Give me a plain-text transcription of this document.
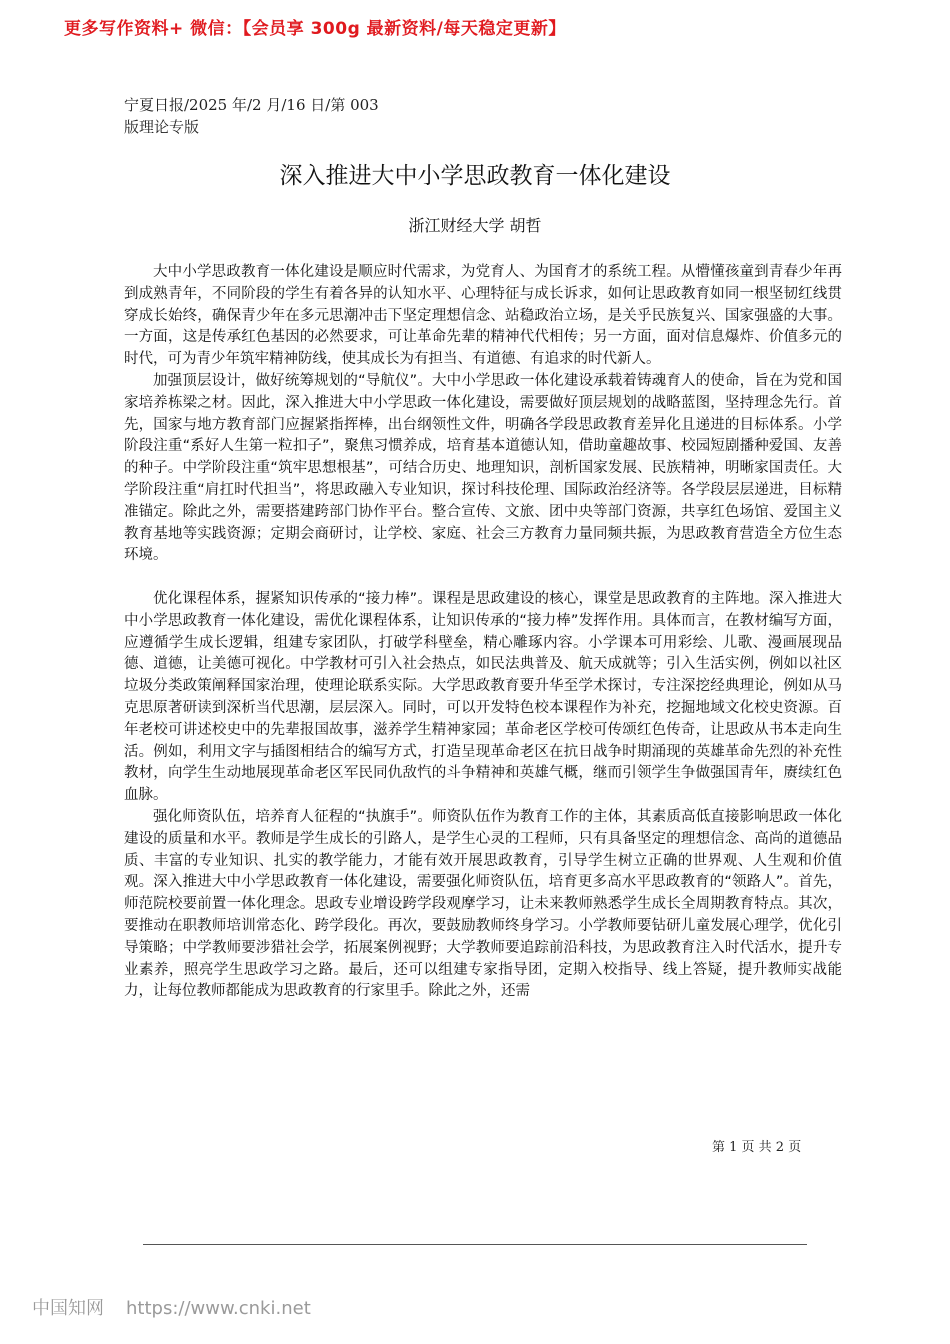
更多写作资料+ 微信：【会员享 300g 最新资料/每天稳定更新】
宁夏日报/2025 年/2 月/16 日/第 003 版理论专版
深入推进大中小学思政教育一体化建设
浙江财经大学 胡哲

大中小学思政教育一体化建设是顺应时代需求，为党育人、为国育才的系统工程。从懵懂孩童到青春少年再到成熟青年，不同阶段的学生有着各异的认知水平、心理特征与成长诉求，如何让思政教育如同一根坚韧红线贯穿成长始终，确保青少年在多元思潮冲击下坚定理想信念、站稳政治立场，是关乎民族复兴、国家强盛的大事。一方面，这是传承红色基因的必然要求，可让革命先辈的精神代代相传；另一方面，面对信息爆炸、价值多元的时代，可为青少年筑牢精神防线，使其成长为有担当、有道德、有追求的时代新人。

加强顶层设计，做好统筹规划的“导航仪”。大中小学思政一体化建设承载着铸魂育人的使命，旨在为党和国家培养栋梁之材。因此，深入推进大中小学思政一体化建设，需要做好顶层规划的战略蓝图，坚持理念先行。首先，国家与地方教育部门应握紧指挥棒，出台纲领性文件，明确各学段思政教育差异化且递进的目标体系。小学阶段注重“系好人生第一粒扣子”，聚焦习惯养成，培育基本道德认知，借助童趣故事、校园短剧播种爱国、友善的种子。中学阶段注重“筑牢思想根基”，可结合历史、地理知识，剖析国家发展、民族精神，明晰家国责任。大学阶段注重“肩扛时代担当”，将思政融入专业知识，探讨科技伦理、国际政治经济等。各学段层层递进，目标精准锚定。除此之外，需要搭建跨部门协作平台。整合宣传、文旅、团中央等部门资源，共享红色场馆、爱国主义教育基地等实践资源；定期会商研讨，让学校、家庭、社会三方教育力量同频共振，为思政教育营造全方位生态环境。

优化课程体系，握紧知识传承的“接力棒”。课程是思政建设的核心，课堂是思政教育的主阵地。深入推进大中小学思政教育一体化建设，需优化课程体系，让知识传承的“接力棒”发挥作用。具体而言，在教材编写方面，应遵循学生成长逻辑，组建专家团队，打破学科壁垒，精心雕琢内容。小学课本可用彩绘、儿歌、漫画展现品德、道德，让美德可视化。中学教材可引入社会热点，如民法典普及、航天成就等；引入生活实例，例如以社区垃圾分类政策阐释国家治理，使理论联系实际。大学思政教育要升华至学术探讨，专注深挖经典理论，例如从马克思原著研读到深析当代思潮，层层深入。同时，可以开发特色校本课程作为补充，挖掘地域文化校史资源。百年老校可讲述校史中的先辈报国故事，滋养学生精神家园；革命老区学校可传颂红色传奇，让思政从书本走向生活。例如，利用文字与插图相结合的编写方式，打造呈现革命老区在抗日战争时期涌现的英雄革命先烈的补充性教材，向学生生动地展现革命老区军民同仇敌忾的斗争精神和英雄气概，继而引领学生争做强国青年，赓续红色血脉。

强化师资队伍，培养育人征程的“执旗手”。师资队伍作为教育工作的主体，其素质高低直接影响思政一体化建设的质量和水平。教师是学生成长的引路人，是学生心灵的工程师，只有具备坚定的理想信念、高尚的道德品质、丰富的专业知识、扎实的教学能力，才能有效开展思政教育，引导学生树立正确的世界观、人生观和价值观。深入推进大中小学思政教育一体化建设，需要强化师资队伍，培育更多高水平思政教育的“领路人”。首先，师范院校要前置一体化理念。思政专业增设跨学段观摩学习，让未来教师熟悉学生成长全周期教育特点。其次，要推动在职教师培训常态化、跨学段化。再次，要鼓励教师终身学习。小学教师要钻研儿童发展心理学，优化引导策略；中学教师要涉猎社会学，拓展案例视野；大学教师要追踪前沿科技，为思政教育注入时代活水，提升专业素养，照亮学生思政学习之路。最后，还可以组建专家指导团，定期入校指导、线上答疑，提升教师实战能力，让每位教师都能成为思政教育的行家里手。除此之外，还需

第 1 页 共 2 页
中国知网 https://www.cnki.net
